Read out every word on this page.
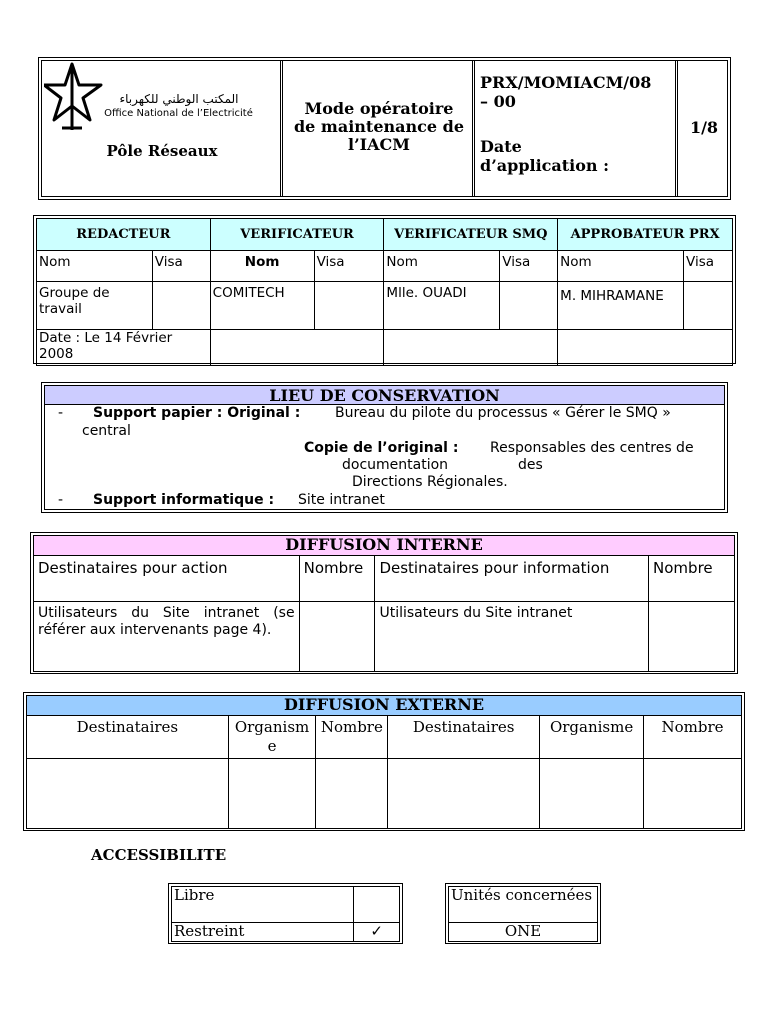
المكتب الوطني للكهرباء
Office National de l’Electricité
Pôle Réseaux
Mode opératoire
de maintenance de
l’IACM
PRX/MOMIACM/08
– 00
Date
d’application :
1/8
REDACTEUR		VERIFICATEUR		VERIFICATEUR SMQ		APPROBATEUR PRX	
Nom	Visa	Nom	Visa	Nom	Visa	Nom	Visa
Groupe de travail		COMITECH		Mlle. OUADI		M. MIHRAMANE	
Date : Le 14 Février 2008							
LIEU DE CONSERVATION
- Support papier : Original : Bureau du pilote du processus « Gérer le SMQ »
central
Copie de l’original : Responsables des centres de
documentation	des
Directions Régionales.
- Support informatique : Site intranet
DIFFUSION INTERNE			
Destinataires pour action	Nombre	Destinataires pour information	Nombre
Utilisateurs du Site intranet (se référer aux intervenants page 4).		Utilisateurs du Site intranet	
DIFFUSION EXTERNE					
Destinataires	Organisme	Nombre	Destinataires	Organisme	Nombre

ACCESSIBILITE
Libre	
Restreint	✓
Unités concernées
ONE
